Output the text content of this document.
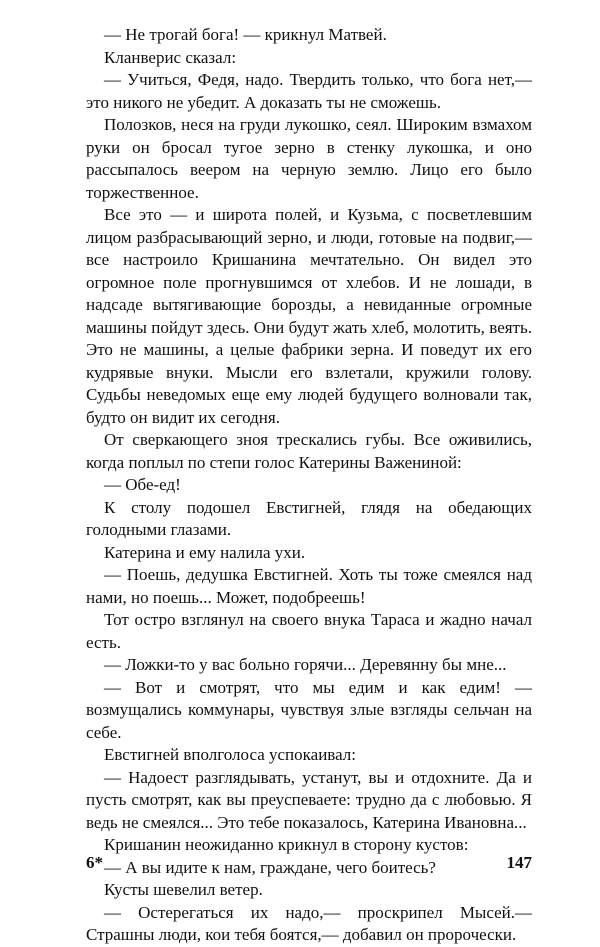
— Не трогай бога! — крикнул Матвей.

Кланверис сказал:

— Учиться, Федя, надо. Твердить только, что бога нет,— это никого не убедит. А доказать ты не сможешь.

Полозков, неся на груди лукошко, сеял. Широким взмахом руки он бросал тугое зерно в стенку лукошка, и оно рассыпалось веером на черную землю. Лицо его было торжественное.

Все это — и широта полей, и Кузьма, с посветлевшим лицом разбрасывающий зерно, и люди, готовые на подвиг,— все настроило Кришанина мечтательно. Он видел это огромное поле прогнувшимся от хлебов. И не лошади, в надсаде вытягивающие борозды, а невиданные огромные машины пойдут здесь. Они будут жать хлеб, молотить, веять. Это не машины, а целые фабрики зерна. И поведут их его кудрявые внуки. Мысли его взлетали, кружили голову. Судьбы неведомых еще ему людей будущего волновали так, будто он видит их сегодня.

От сверкающего зноя трескались губы. Все оживились, когда поплыл по степи голос Катерины Важениной:

— Обе-ед!

К столу подошел Евстигней, глядя на обедающих голодными глазами.

Катерина и ему налила ухи.

— Поешь, дедушка Евстигней. Хоть ты тоже смеялся над нами, но поешь... Может, подобреешь!

Тот остро взглянул на своего внука Тараса и жадно начал есть.

— Ложки-то у вас больно горячи... Деревянну бы мне...

— Вот и смотрят, что мы едим и как едим! — возмущались коммунары, чувствуя злые взгляды сельчан на себе.

Евстигней вполголоса успокаивал:

— Надоест разглядывать, устанут, вы и отдохните. Да и пусть смотрят, как вы преуспеваете: трудно да с любовью. Я ведь не смеялся... Это тебе показалось, Катерина Ивановна...

Кришанин неожиданно крикнул в сторону кустов:

— А вы идите к нам, граждане, чего боитесь?

Кусты шевелил ветер.

— Остерегаться их надо,— проскрипел Мысей.— Страшны люди, кои тебя боятся,— добавил он пророчески.

6*	147
